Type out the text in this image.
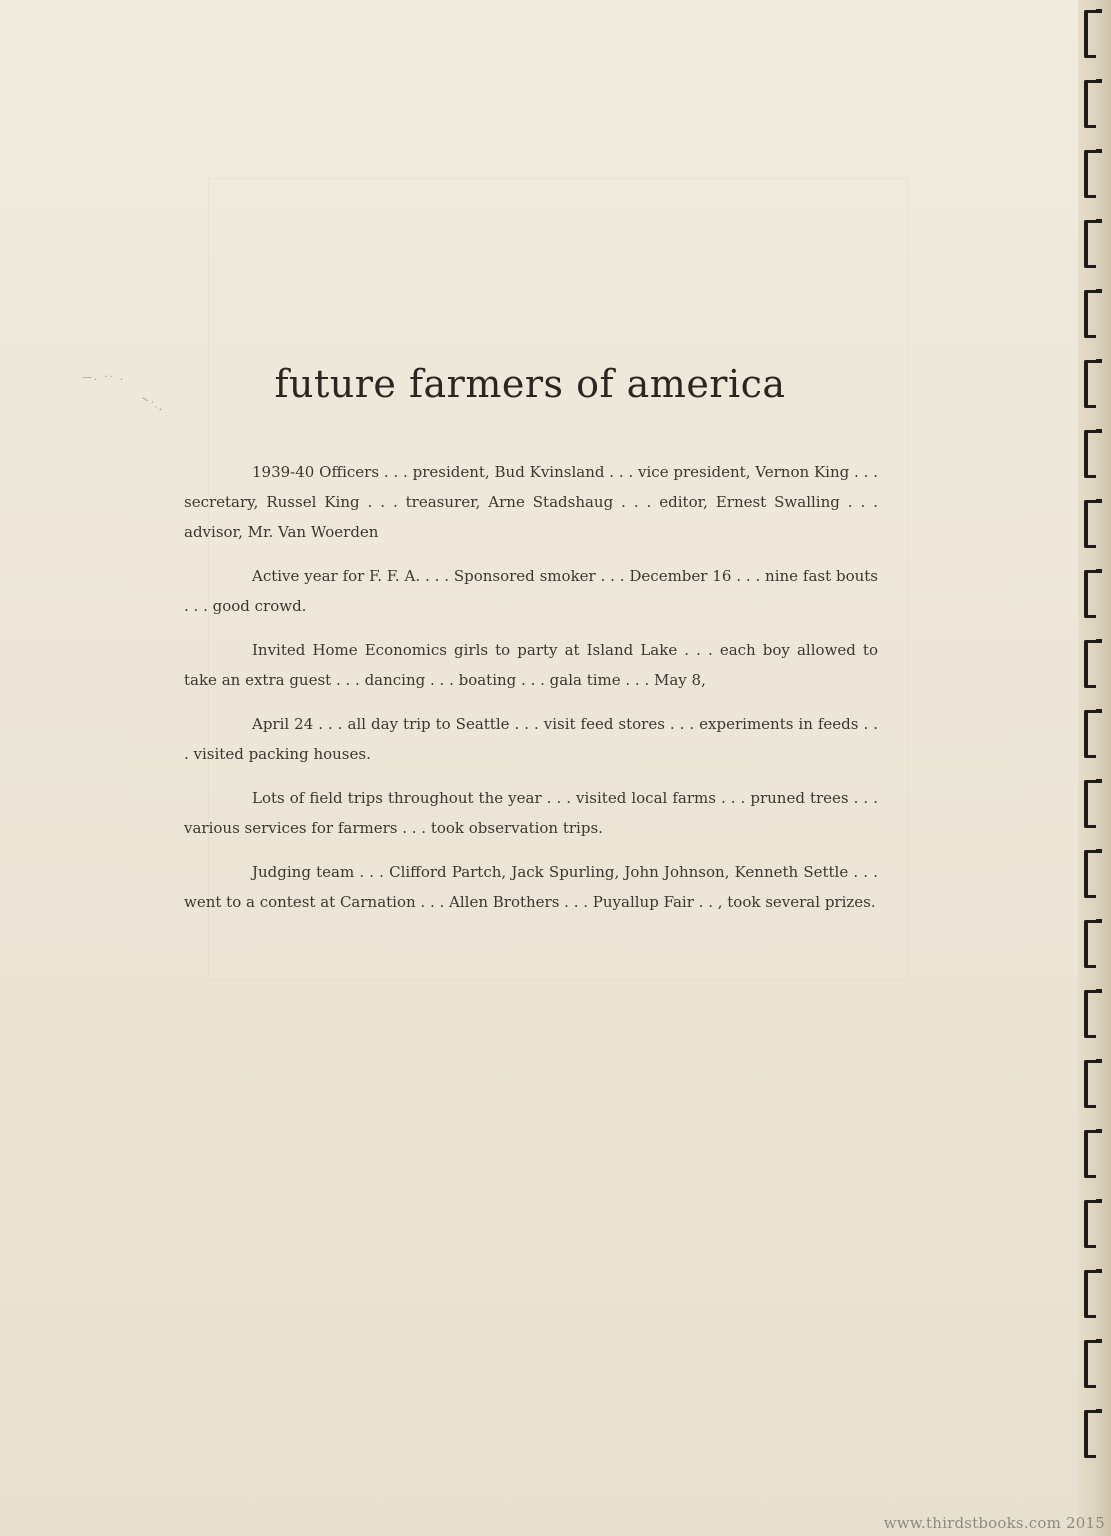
—. ·· .
~·.,	future farmers of america

1939-40 Officers . . . president, Bud Kvinsland . . . vice president, Vernon King . . . secretary, Russel King . . . treasurer, Arne Stadshaug . . . editor, Ernest Swalling . . . advisor, Mr. Van Woerden

Active year for F. F. A. . . . Sponsored smoker . . . December 16 . . . nine fast bouts . . . good crowd.

Invited Home Economics girls to party at Island Lake . . . each boy allowed to take an extra guest . . . dancing . . . boating . . . gala time . . . May 8,

April 24 . . . all day trip to Seattle . . . visit feed stores . . . experiments in feeds . . . visited packing houses.

Lots of field trips throughout the year . . . visited local farms . . . pruned trees . . . various services for farmers . . . took observation trips.

Judging team . . . Clifford Partch, Jack Spurling, John Johnson, Kenneth Settle . . . went to a contest at Carnation . . . Allen Brothers . . . Puyallup Fair . . , took several prizes.

www.thirdstbooks.com 2015
